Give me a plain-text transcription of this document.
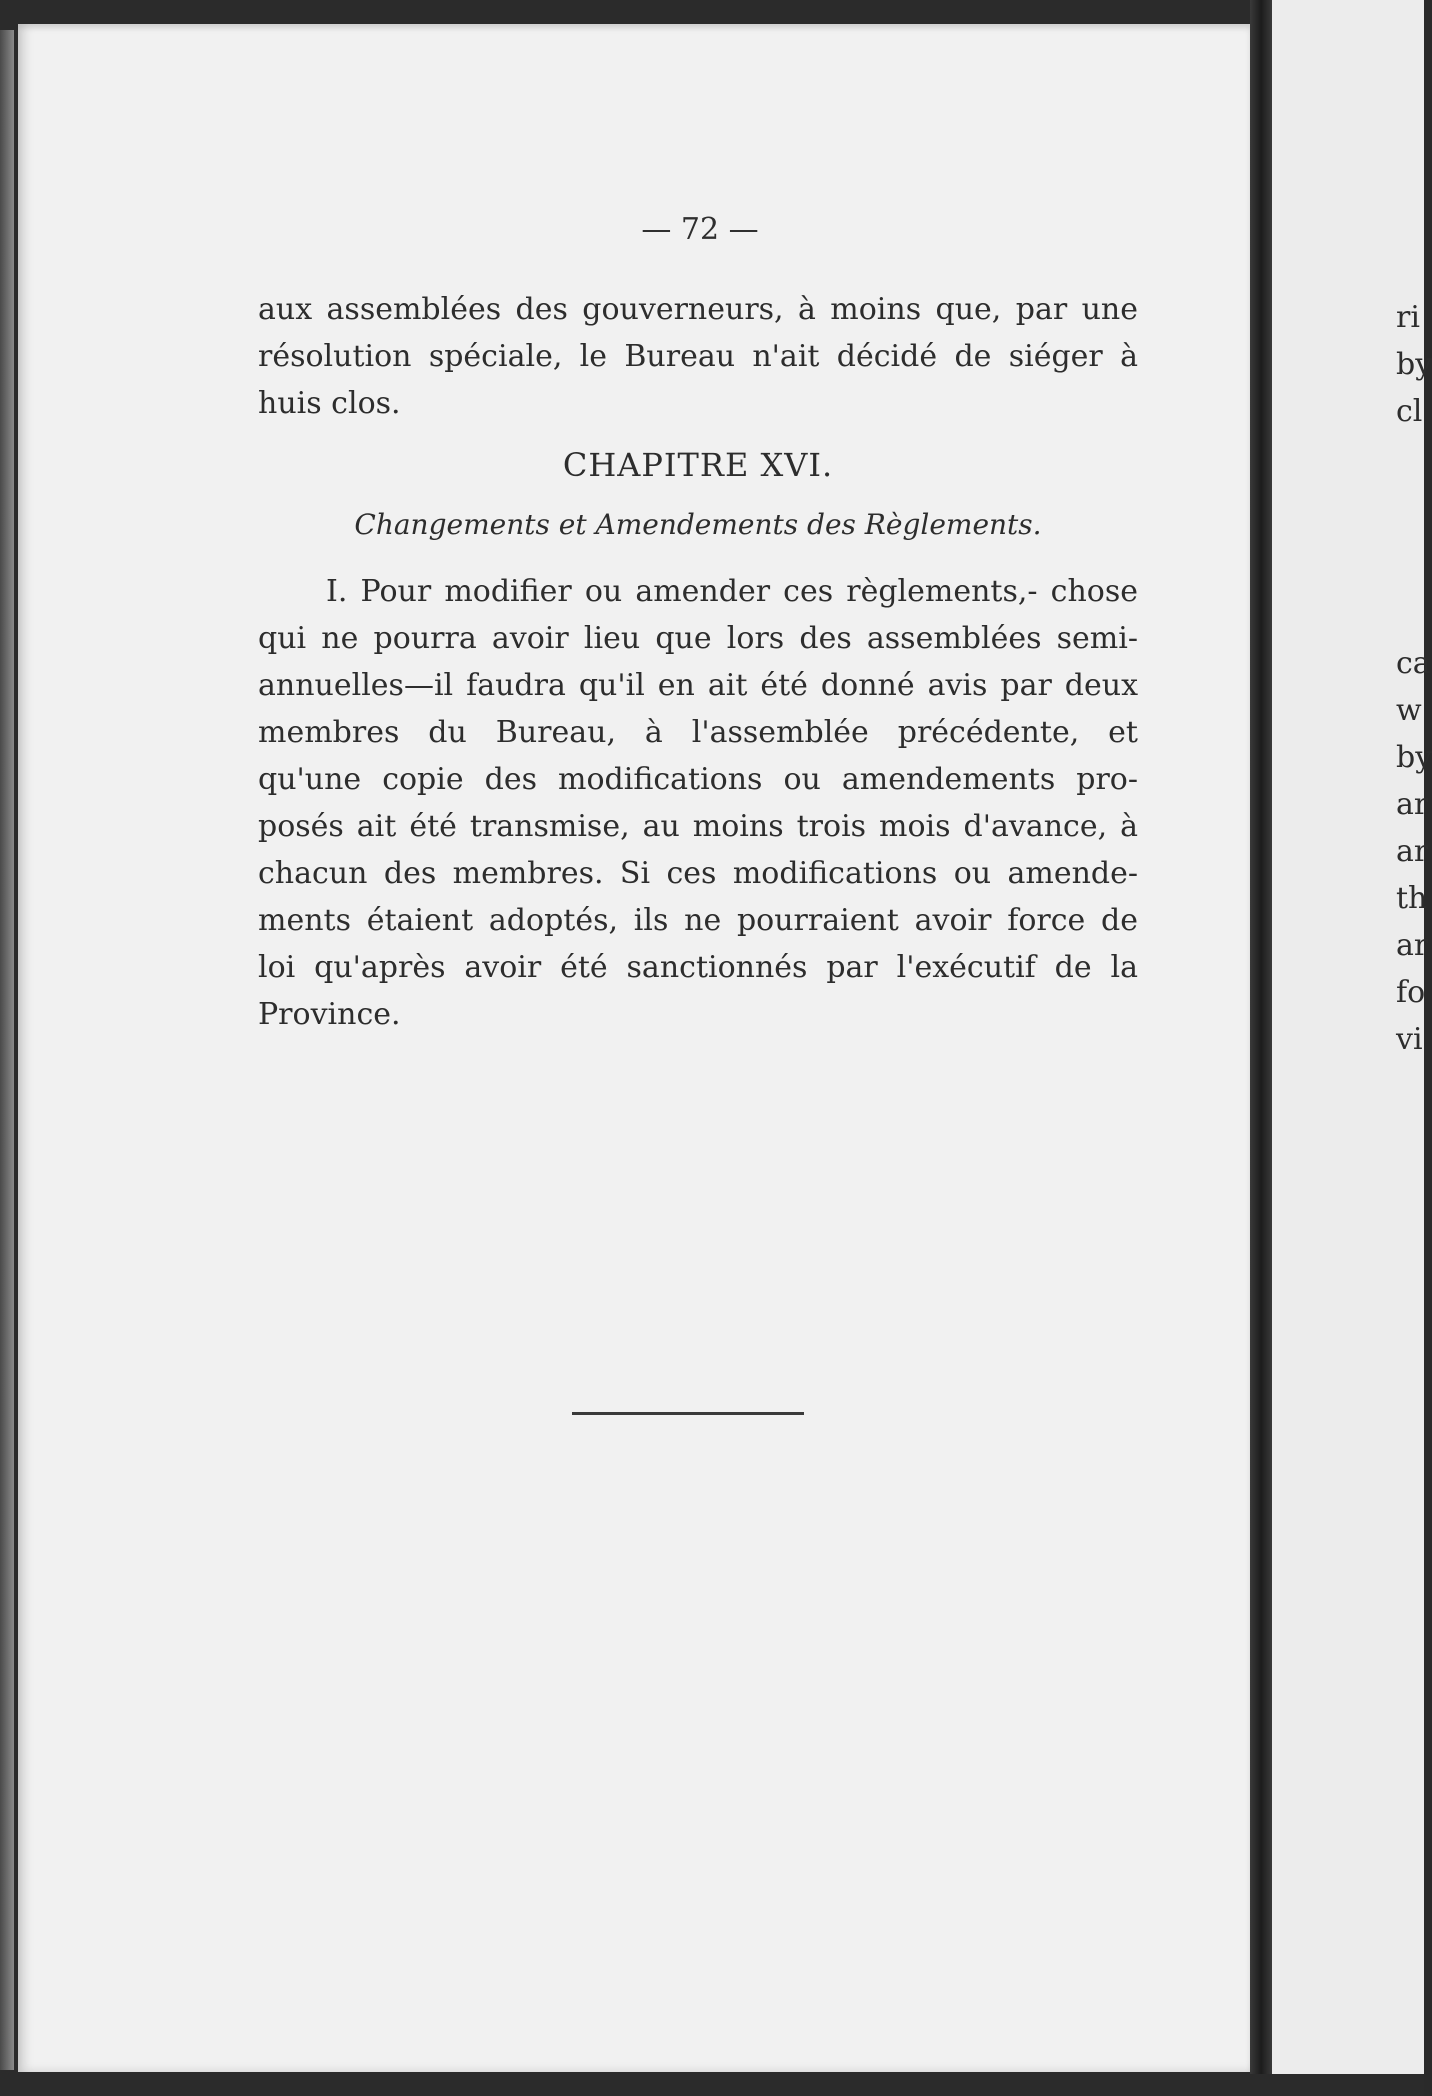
— 72 —
aux assemblées des gouverneurs, à moins que, par une
résolution spéciale, le Bureau n'ait décidé de siéger à
huis clos.
CHAPITRE XVI.
Changements et Amendements des Règlements.
I. Pour modifier ou amender ces règlements,- chose
qui ne pourra avoir lieu que lors des assemblées semi-
annuelles—il faudra qu'il en ait été donné avis par deux
membres du Bureau, à l'assemblée précédente, et
qu'une copie des modifications ou amendements pro-
posés ait été transmise, au moins trois mois d'avance, à
chacun des membres. Si ces modifications ou amende-
ments étaient adoptés, ils ne pourraient avoir force de
loi qu'après avoir été sanctionnés par l'exécutif de la
Province.
ri
by
cl
ca
w
by
ar
ar
th
ar
fo
vi
